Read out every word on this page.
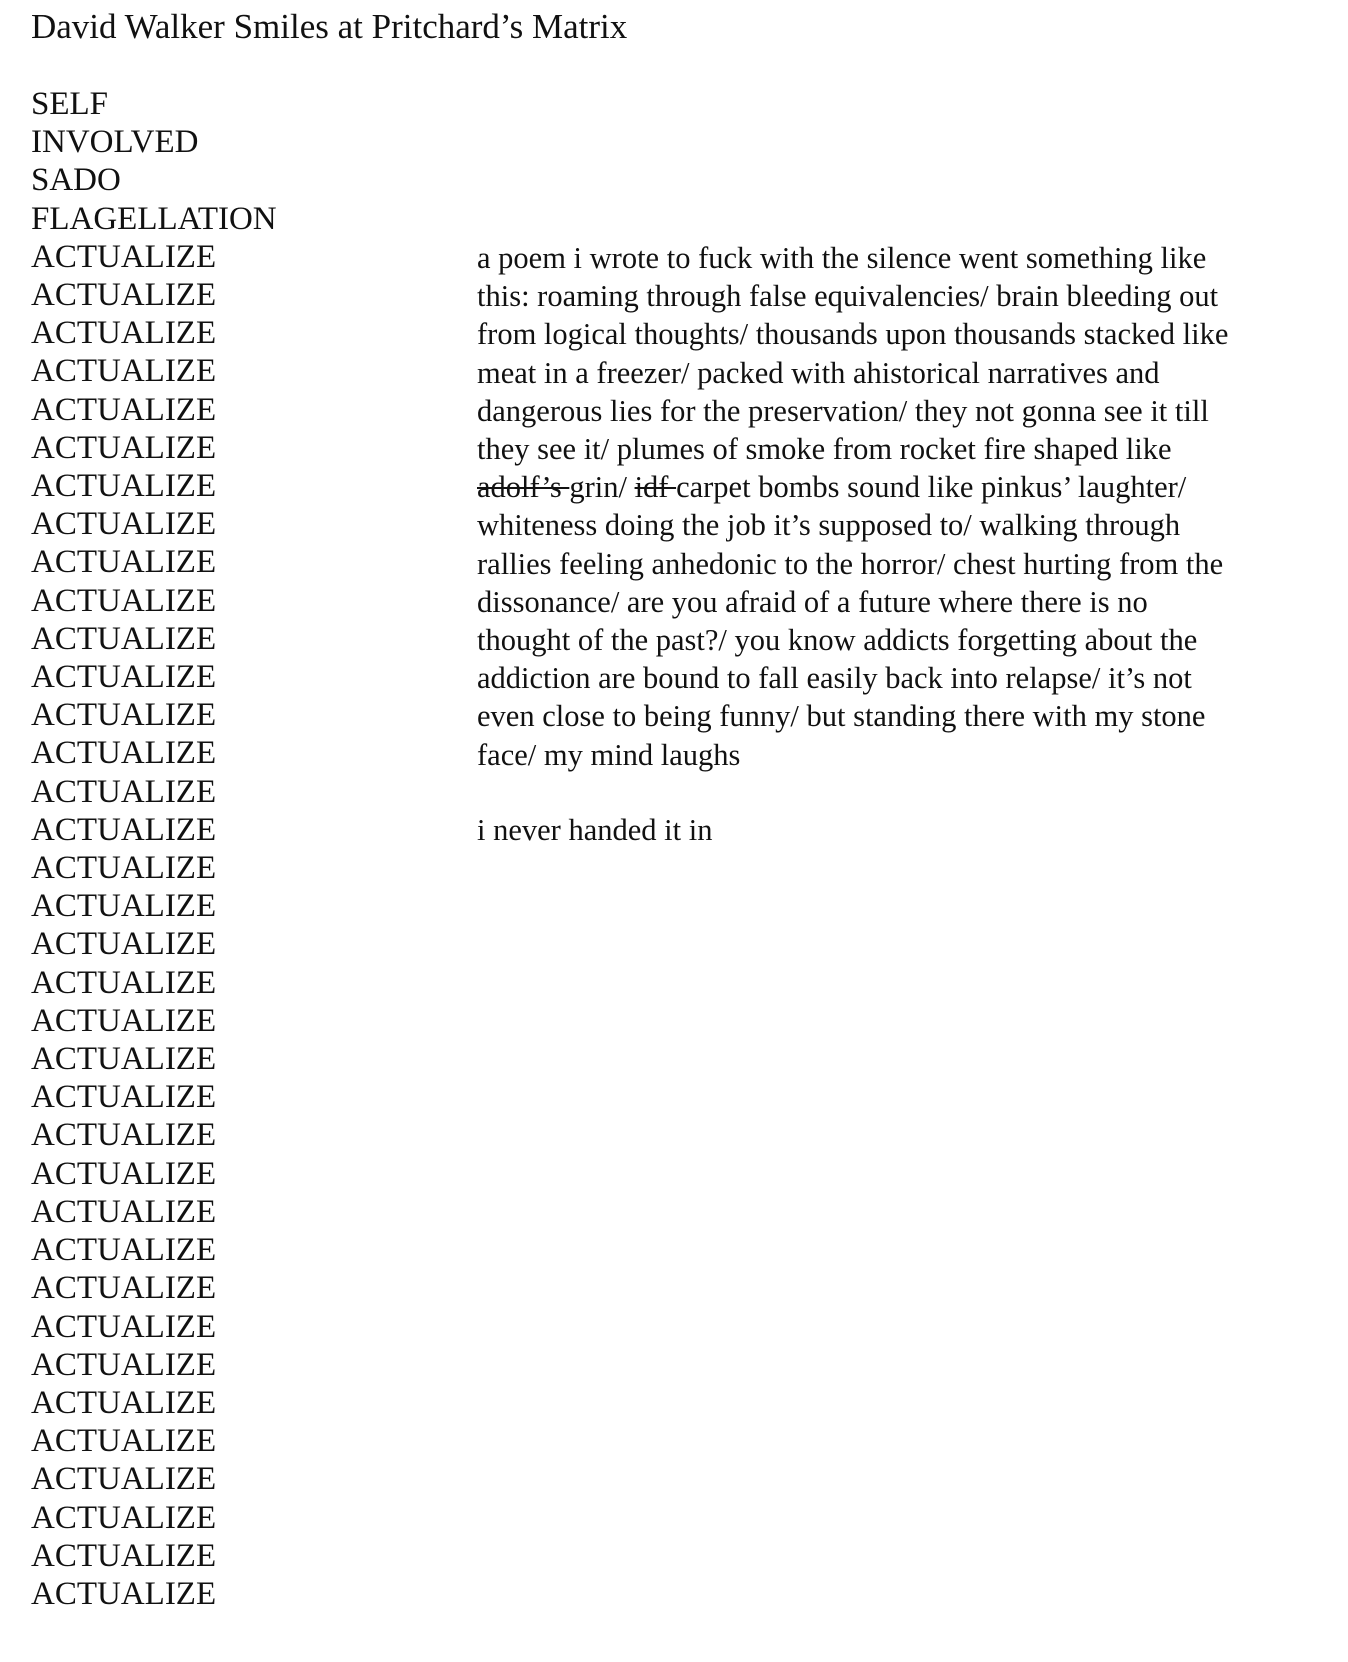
David Walker Smiles at Pritchard’s Matrix
SELF
INVOLVED
SADO
FLAGELLATION
ACTUALIZE
ACTUALIZE
ACTUALIZE
ACTUALIZE
ACTUALIZE
ACTUALIZE
ACTUALIZE
ACTUALIZE
ACTUALIZE
ACTUALIZE
ACTUALIZE
ACTUALIZE
ACTUALIZE
ACTUALIZE
ACTUALIZE
ACTUALIZE
ACTUALIZE
ACTUALIZE
ACTUALIZE
ACTUALIZE
ACTUALIZE
ACTUALIZE
ACTUALIZE
ACTUALIZE
ACTUALIZE
ACTUALIZE
ACTUALIZE
ACTUALIZE
ACTUALIZE
ACTUALIZE
ACTUALIZE
ACTUALIZE
ACTUALIZE
ACTUALIZE
ACTUALIZE
ACTUALIZE
a poem i wrote to fuck with the silence went something like
this: roaming through false equivalencies/ brain bleeding out
from logical thoughts/ thousands upon thousands stacked like
meat in a freezer/ packed with ahistorical narratives and
dangerous lies for the preservation/ they not gonna see it till
they see it/ plumes of smoke from rocket fire shaped like
adolf’s grin/ idf carpet bombs sound like pinkus’ laughter/
whiteness doing the job it’s supposed to/ walking through
rallies feeling anhedonic to the horror/ chest hurting from the
dissonance/ are you afraid of a future where there is no
thought of the past?/ you know addicts forgetting about the
addiction are bound to fall easily back into relapse/ it’s not
even close to being funny/ but standing there with my stone
face/ my mind laughs

i never handed it in
